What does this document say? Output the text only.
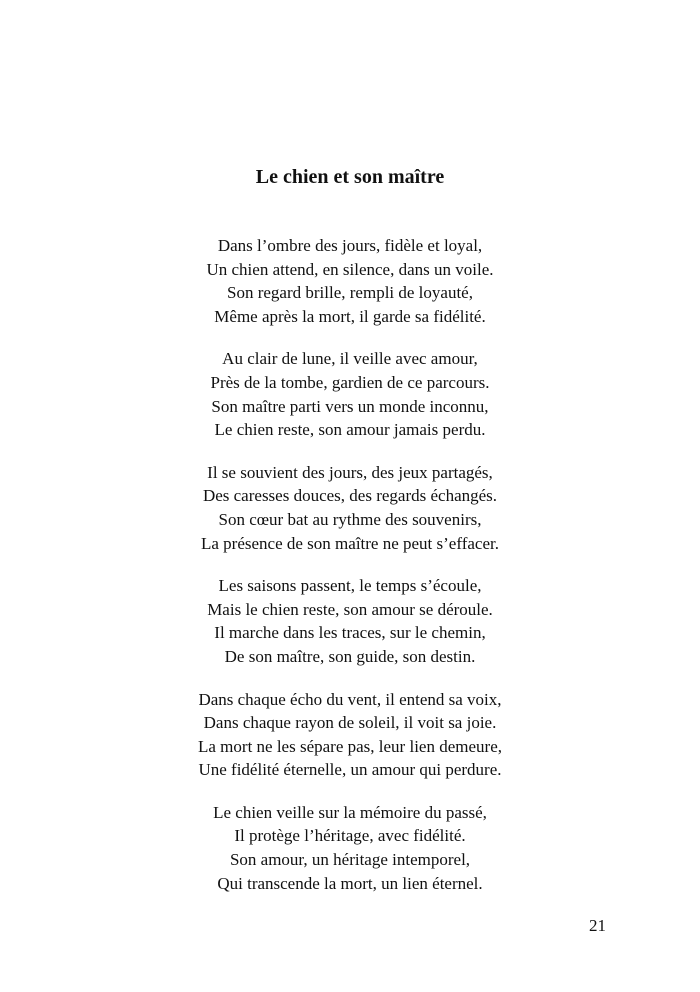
Le chien et son maître
Dans l’ombre des jours, fidèle et loyal,
Un chien attend, en silence, dans un voile.
Son regard brille, rempli de loyauté,
Même après la mort, il garde sa fidélité.
Au clair de lune, il veille avec amour,
Près de la tombe, gardien de ce parcours.
Son maître parti vers un monde inconnu,
Le chien reste, son amour jamais perdu.
Il se souvient des jours, des jeux partagés,
Des caresses douces, des regards échangés.
Son cœur bat au rythme des souvenirs,
La présence de son maître ne peut s’effacer.
Les saisons passent, le temps s’écoule,
Mais le chien reste, son amour se déroule.
Il marche dans les traces, sur le chemin,
De son maître, son guide, son destin.
Dans chaque écho du vent, il entend sa voix,
Dans chaque rayon de soleil, il voit sa joie.
La mort ne les sépare pas, leur lien demeure,
Une fidélité éternelle, un amour qui perdure.
Le chien veille sur la mémoire du passé,
Il protège l’héritage, avec fidélité.
Son amour, un héritage intemporel,
Qui transcende la mort, un lien éternel.
21
